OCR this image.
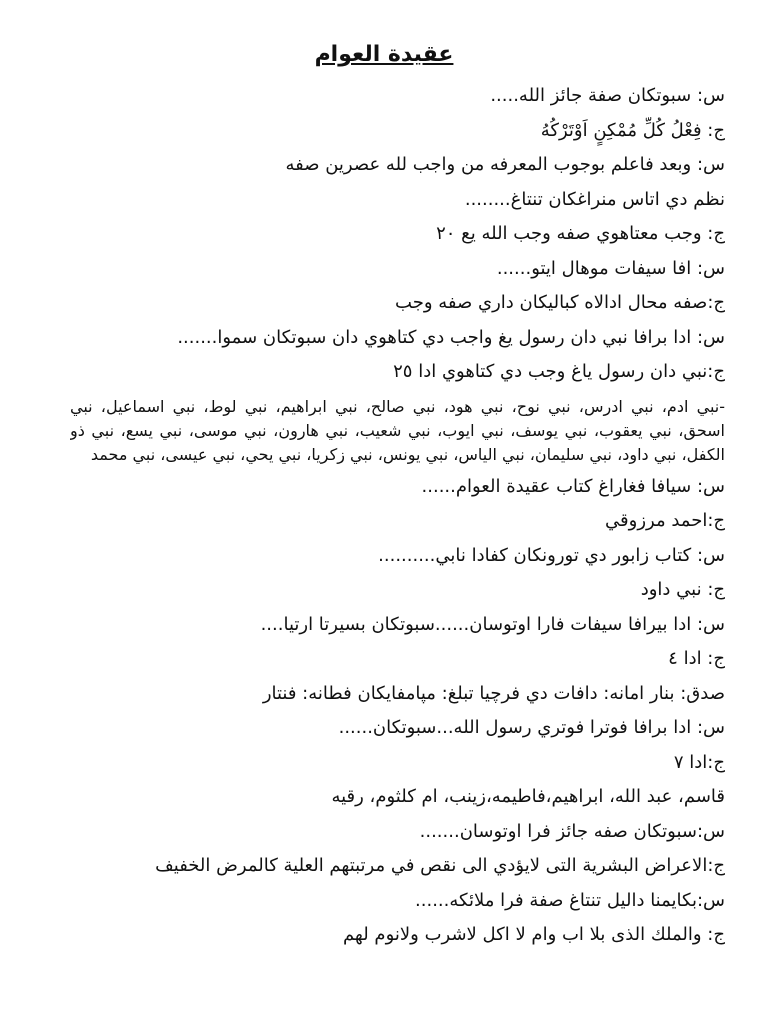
عقيدة العوام
س: سبوتكان صفة جائز الله.....
ج: فِعْلُ كُلِّ مُمْكِنٍ اَوْتَرْكُهُ
س: وبعد فاعلم بوجوب المعرفه من واجب لله عصرين صفه
نظم دي اتاس منراغكان تنتاغ........
ج: وجب معتاهوي صفه وجب الله يع ٢٠
س: افا سيفات موهال ايتو......
ج:صفه محال ادالاه كباليكان داري صفه وجب
س: ادا برافا نبي دان رسول يغ واجب دي كتاهوي دان سبوتكان سموا.......
ج:نبي دان رسول ياغ وجب دي كتاهوي ادا ٢٥
-نبي ادم، نبي ادرس، نبي نوح، نبي هود، نبي صالح، نبي ابراهيم، نبي لوط، نبي اسماعيل، نبي اسحق، نبي يعقوب، نبي يوسف، نبي ايوب، نبي شعيب، نبي هارون، نبي موسى، نبي يسع، نبي ذو الكفل، نبي داود، نبي سليمان، نبي الياس، نبي يونس، نبي زكريا، نبي يحي، نبي عيسى، نبي محمد
س: سيافا فغاراغ كتاب عقيدة العوام......
ج:احمد مرزوقي
س: كتاب زابور دي تورونكان كفادا نابي..........
ج: نبي داود
س: ادا بيرافا سيفات فارا اوتوسان......سبوتكان بسيرتا ارتيا....
ج: ادا ٤
صدق: بنار امانه: دافات دي فرچيا تبلغ: مپامفايكان فطانه: فنتار
س: ادا برافا فوترا فوتري رسول الله...سبوتكان......
ج:ادا ٧
قاسم، عبد الله، ابراهيم،فاطيمه،زينب، ام كلثوم، رقيه
س:سبوتكان صفه جائز فرا اوتوسان.......
ج:الاعراض البشرية التى لايؤدي الى نقص في مرتبتهم العلية كالمرض الخفيف
س:بكايمنا داليل تنتاغ صفة فرا ملائكه......
ج: والملك الذى بلا اب وام لا اكل لاشرب ولانوم لهم
